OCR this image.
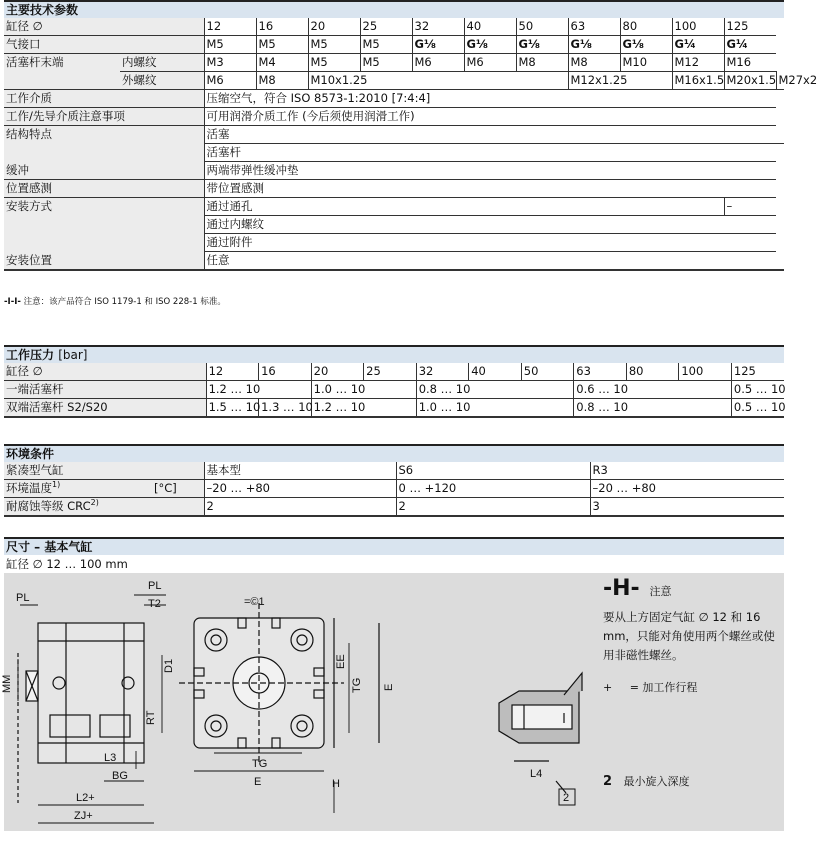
主要技术参数
缸径 ∅		12	16	20	25	32	40	50	63	80	100	125	
气接口		M5	M5	M5	M5	G⅛	G⅛	G⅛	G⅛	G⅛	G¼	G¼	
活塞杆末端	内螺纹	M3	M4	M5	M5	M6	M6	M8	M8	M10	M12	M16	
	外螺纹	M6	M8	M10x1.25					M12x1.25		M16x1.5	M20x1.5	M27x2
工作介质		压缩空气，符合 ISO 8573-1:2010 [7:4:4]											
工作/先导介质注意事项		可用润滑介质工作 (今后须使用润滑工作)											
结构特点		活塞											
		活塞杆											
缓冲		两端带弹性缓冲垫											
位置感测		带位置感测											
安装方式		通过通孔										–	
		通过内螺纹											
		通过附件											
安装位置		任意											
-I-I- 注意：该产品符合 ISO 1179-1 和 ISO 228-1 标准。
工作压力 [bar]
缸径 ∅	12	16	20	25	32	40	50	63	80	100	125
一端活塞杆	1.2 … 10		1.0 … 10		0.8 … 10			0.6 … 10			0.5 … 10
双端活塞杆 S2/S20	1.5 … 10	1.3 … 10	1.2 … 10		1.0 … 10			0.8 … 10			0.5 … 10
环境条件
紧凑型气缸		基本型	S6	R3
环境温度$^{1)}$	[°C]	–20 … +80	0 … +120	–20 … +80
耐腐蚀等级 CRC$^{2)}$		2	2	3
尺寸 – 基本气缸
缸径 ∅ 12 … 100 mm
PL
PL
T2
MM
D1
RT
L3
BG
L2+
ZJ+
=©1
EE
TG E
TG
E	H
L4
2
-H- 注意
要从上方固定气缸 ∅ 12 和 16 mm，只能对角使用两个螺丝或使用非磁性螺丝。
+ = 加工作行程
2 最小旋入深度
